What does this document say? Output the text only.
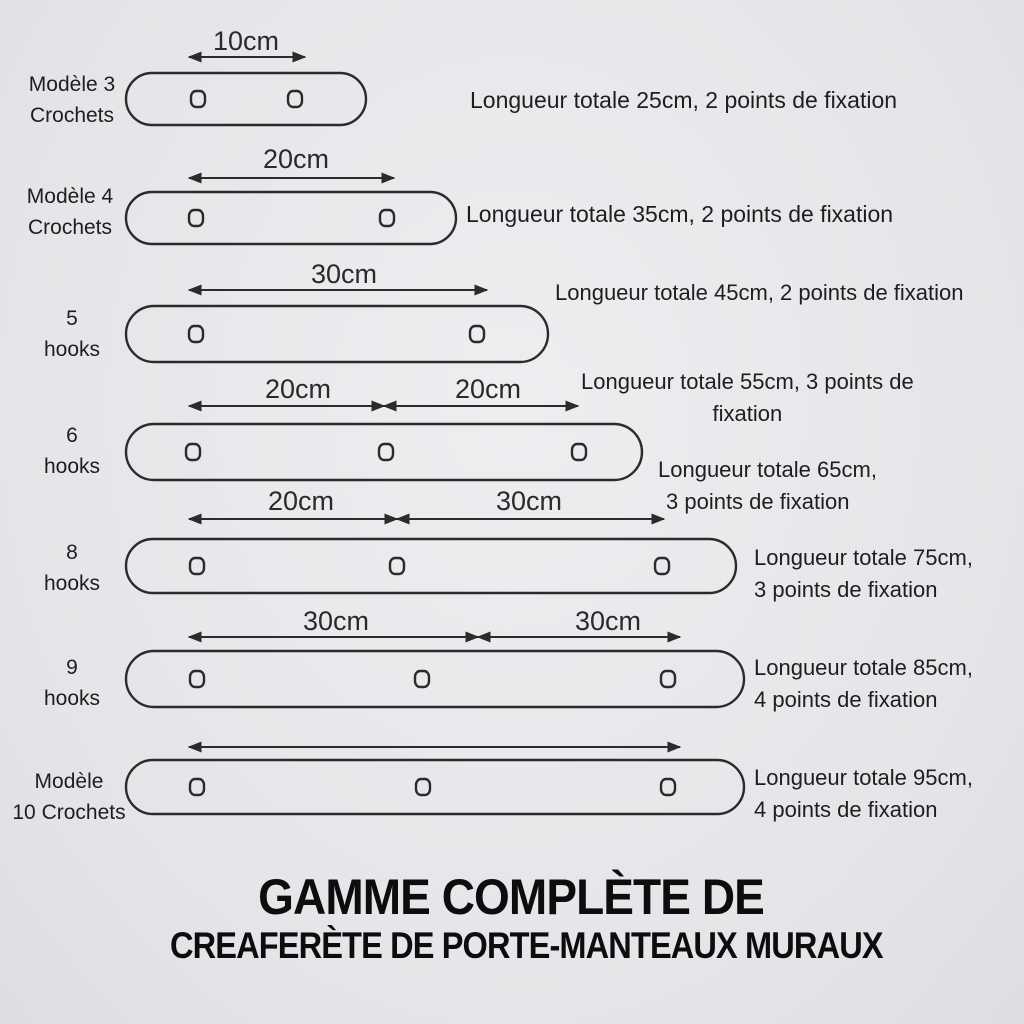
Modèle 3
Crochets
Modèle 4
Crochets
5
hooks
6
hooks
8
hooks
9
hooks
Modèle
10 Crochets
10cm
20cm
30cm
20cm	20cm
20cm	30cm
30cm	30cm
Longueur totale 25cm, 2 points de fixation
Longueur totale 35cm, 2 points de fixation
Longueur totale 45cm, 2 points de fixation
Longueur totale 55cm, 3 points de
fixation
Longueur totale 65cm,
3 points de fixation
Longueur totale 75cm,
3 points de fixation
Longueur totale 85cm,
4 points de fixation
Longueur totale 95cm,
4 points de fixation
GAMME COMPLÈTE DE
CREAFERÈTE DE PORTE-MANTEAUX MURAUX
